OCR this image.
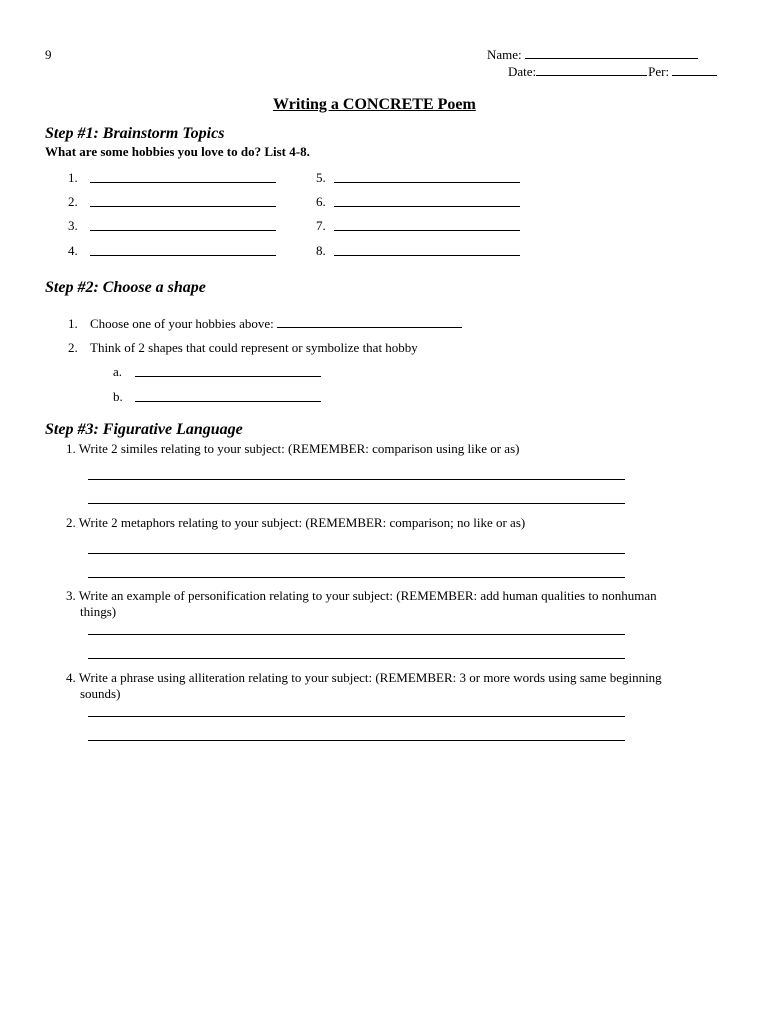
9	Name:
Date:	Per:
Writing a CONCRETE Poem
Step #1: Brainstorm Topics
What are some hobbies you love to do? List 4-8.
1.
2.
3.
4.
5.
6.
7.
8.
Step #2: Choose a shape
1. Choose one of your hobbies above:
2. Think of 2 shapes that could represent or symbolize that hobby
a.
b.
Step #3: Figurative Language
1. Write 2 similes relating to your subject: (REMEMBER: comparison using like or as)
2. Write 2 metaphors relating to your subject: (REMEMBER: comparison; no like or as)
3. Write an example of personification relating to your subject: (REMEMBER: add human qualities to nonhuman
things)
4. Write a phrase using alliteration relating to your subject: (REMEMBER: 3 or more words using same beginning
sounds)
